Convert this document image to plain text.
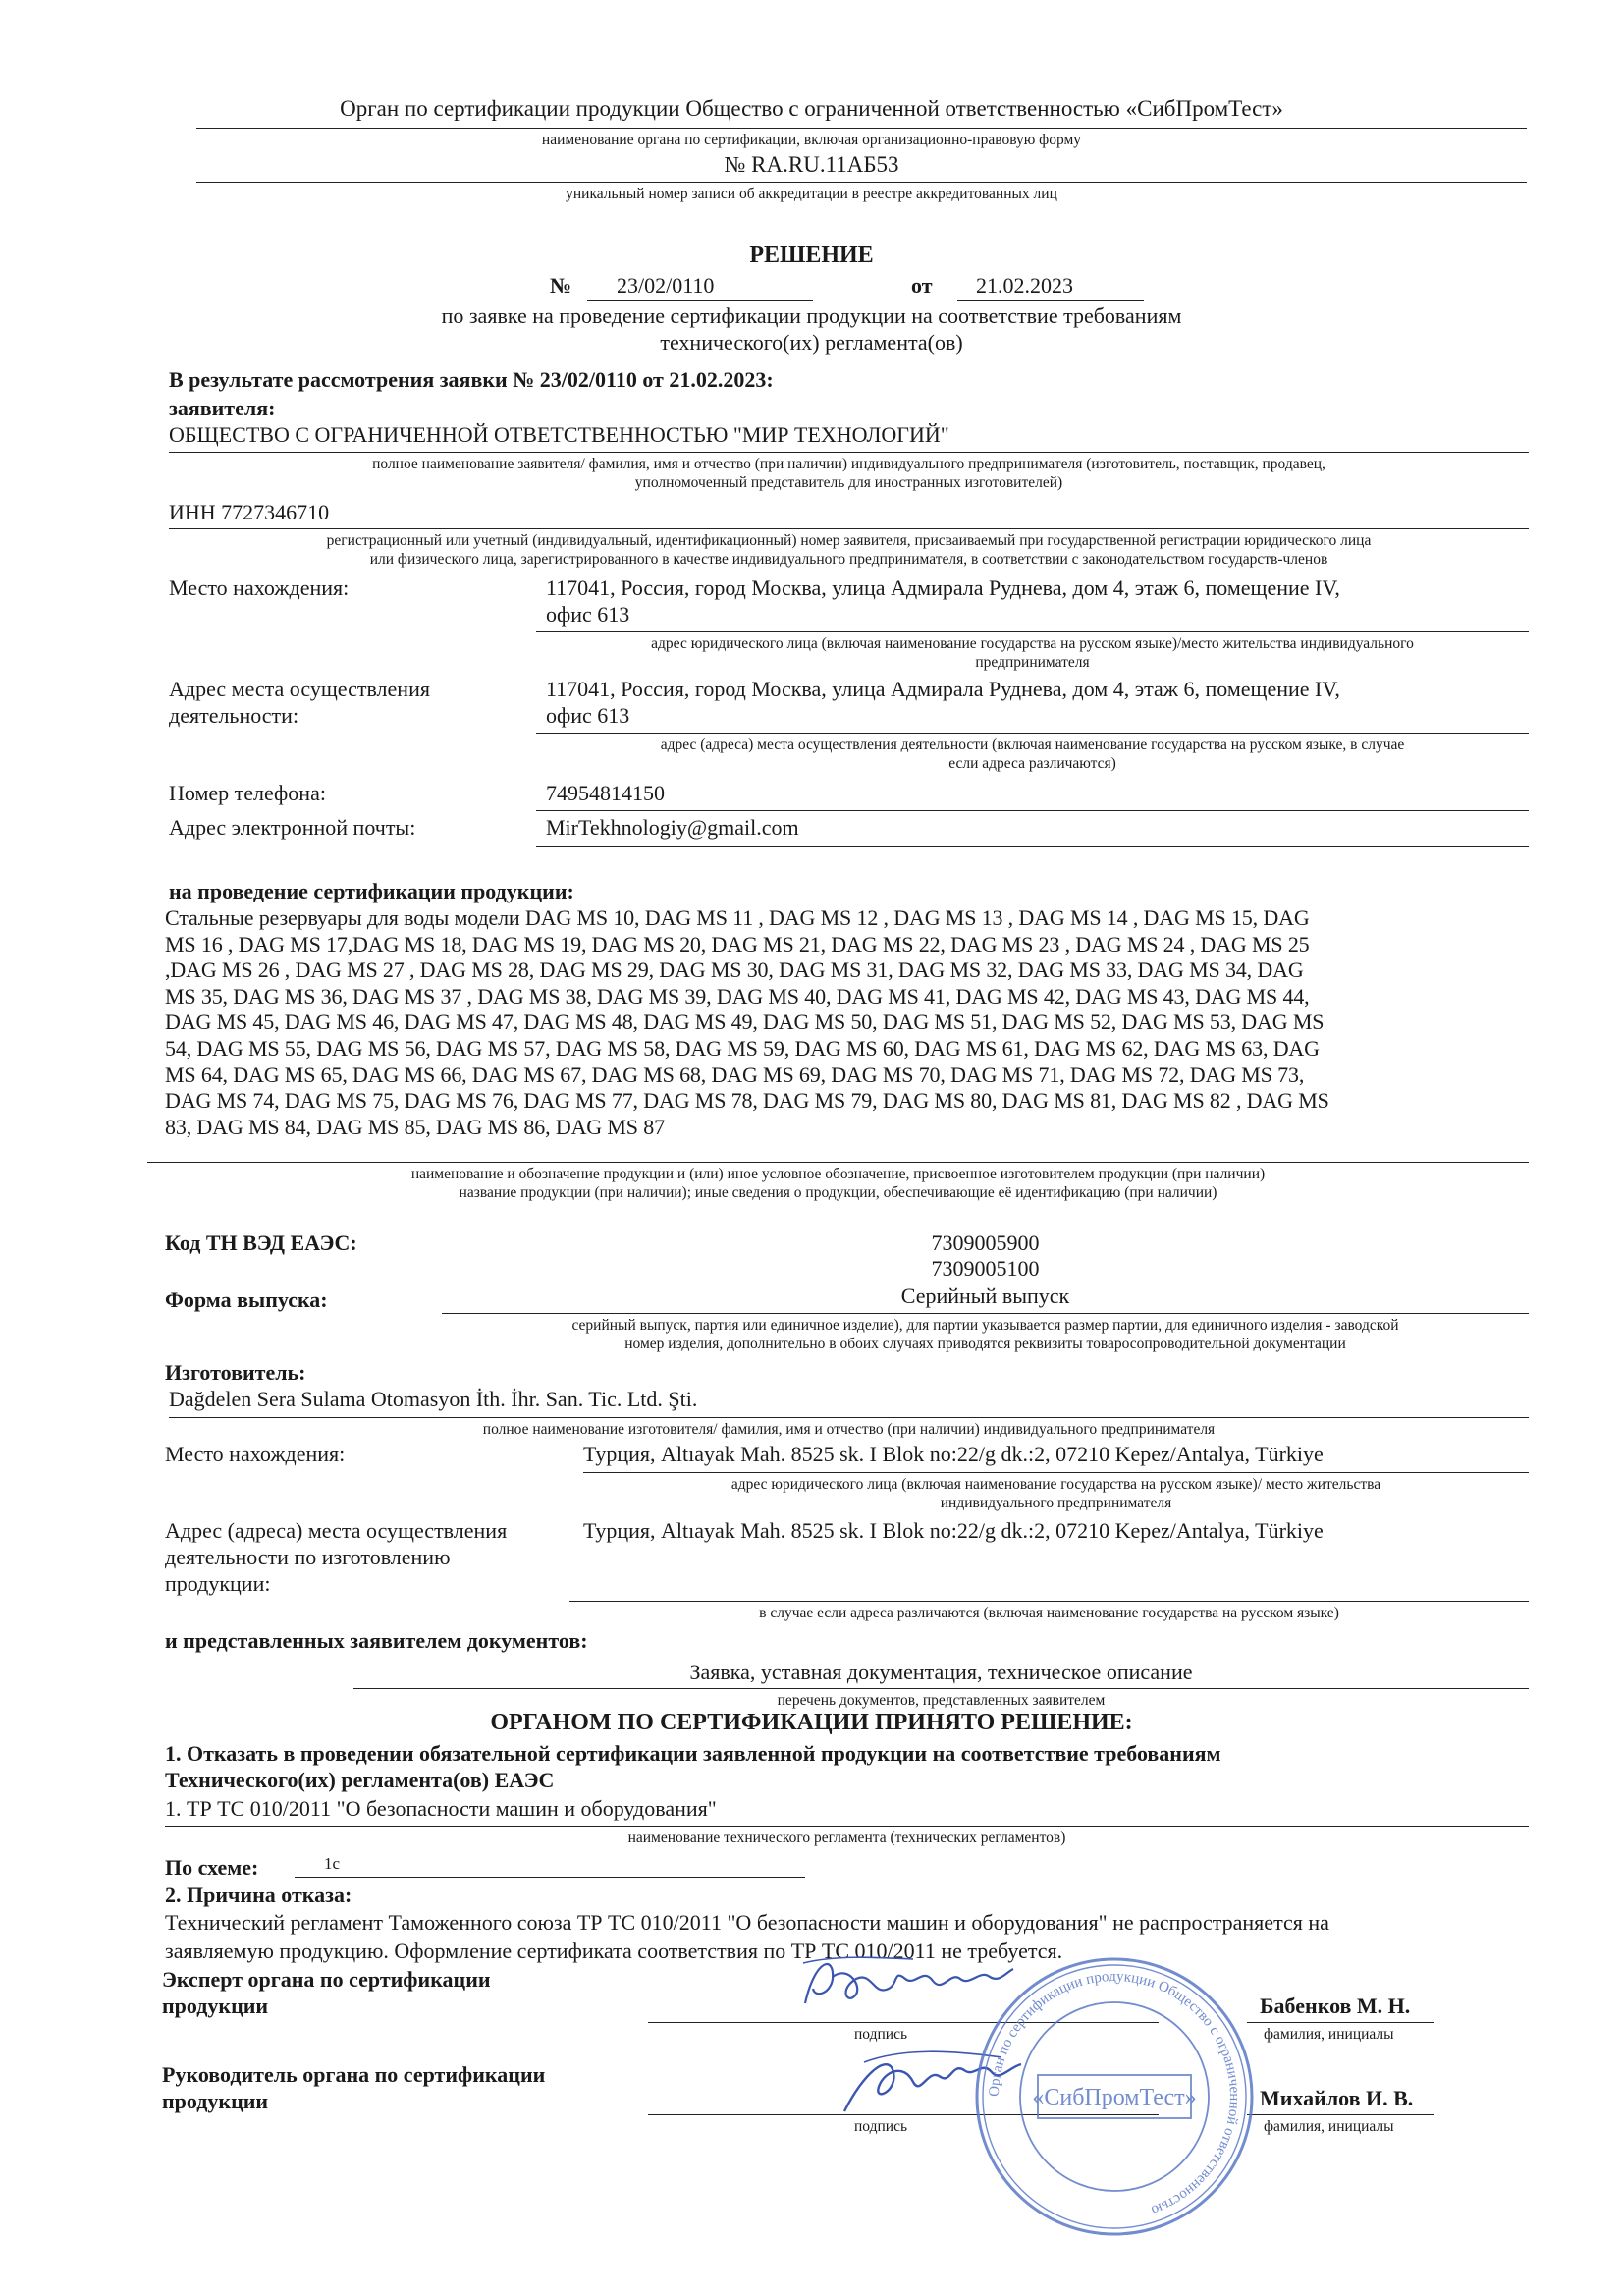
Орган по сертификации продукции Общество с ограниченной ответственностью «СибПромТест»
наименование органа по сертификации, включая организационно-правовую форму
№ RA.RU.11АБ53
уникальный номер записи об аккредитации в реестре аккредитованных лиц
РЕШЕНИЕ
№ 23/02/0110	от 21.02.2023
по заявке на проведение сертификации продукции на соответствие требованиям
технического(их) регламента(ов)
В результате рассмотрения заявки № 23/02/0110 от 21.02.2023:
заявителя:
ОБЩЕСТВО С ОГРАНИЧЕННОЙ ОТВЕТСТВЕННОСТЬЮ "МИР ТЕХНОЛОГИЙ"
полное наименование заявителя/ фамилия, имя и отчество (при наличии) индивидуального предпринимателя (изготовитель, поставщик, продавец,
уполномоченный представитель для иностранных изготовителей)
ИНН 7727346710
регистрационный или учетный (индивидуальный, идентификационный) номер заявителя, присваиваемый при государственной регистрации юридического лица
или физического лица, зарегистрированного в качестве индивидуального предпринимателя, в соответствии с законодательством государств-членов
Место нахождения:	117041, Россия, город Москва, улица Адмирала Руднева, дом 4, этаж 6, помещение IV,
офис 613
адрес юридического лица (включая наименование государства на русском языке)/место жительства индивидуального
предпринимателя
Адрес места осуществления
деятельности:
117041, Россия, город Москва, улица Адмирала Руднева, дом 4, этаж 6, помещение IV,
офис 613
адрес (адреса) места осуществления деятельности (включая наименование государства на русском языке, в случае
если адреса различаются)
Номер телефона:	74954814150
Адрес электронной почты:	MirTekhnologiy@gmail.com
на проведение сертификации продукции:
Стальные резервуары для воды модели DAG MS 10, DAG MS 11 , DAG MS 12 , DAG MS 13 , DAG MS 14 , DAG MS 15, DAG
MS 16 , DAG MS 17,DAG MS 18, DAG MS 19, DAG MS 20, DAG MS 21, DAG MS 22, DAG MS 23 , DAG MS 24 , DAG MS 25
,DAG MS 26 , DAG MS 27 , DAG MS 28, DAG MS 29, DAG MS 30, DAG MS 31, DAG MS 32, DAG MS 33, DAG MS 34, DAG
MS 35, DAG MS 36, DAG MS 37 , DAG MS 38, DAG MS 39, DAG MS 40, DAG MS 41, DAG MS 42, DAG MS 43, DAG MS 44,
DAG MS 45, DAG MS 46, DAG MS 47, DAG MS 48, DAG MS 49, DAG MS 50, DAG MS 51, DAG MS 52, DAG MS 53, DAG MS
54, DAG MS 55, DAG MS 56, DAG MS 57, DAG MS 58, DAG MS 59, DAG MS 60, DAG MS 61, DAG MS 62, DAG MS 63, DAG
MS 64, DAG MS 65, DAG MS 66, DAG MS 67, DAG MS 68, DAG MS 69, DAG MS 70, DAG MS 71, DAG MS 72, DAG MS 73,
DAG MS 74, DAG MS 75, DAG MS 76, DAG MS 77, DAG MS 78, DAG MS 79, DAG MS 80, DAG MS 81, DAG MS 82 , DAG MS
83, DAG MS 84, DAG MS 85, DAG MS 86, DAG MS 87
наименование и обозначение продукции и (или) иное условное обозначение, присвоенное изготовителем продукции (при наличии)
название продукции (при наличии); иные сведения о продукции, обеспечивающие её идентификацию (при наличии)
Код ТН ВЭД ЕАЭС:	7309005900
7309005100
Форма выпуска:	Серийный выпуск
серийный выпуск, партия или единичное изделие), для партии указывается размер партии, для единичного изделия - заводской
номер изделия, дополнительно в обоих случаях приводятся реквизиты товаросопроводительной документации
Изготовитель:
Dağdelen Sera Sulama Otomasyon İth. İhr. San. Tic. Ltd. Şti.
полное наименование изготовителя/ фамилия, имя и отчество (при наличии) индивидуального предпринимателя
Место нахождения:	Турция, Altıayak Mah. 8525 sk. I Blok no:22/g dk.:2, 07210 Kepez/Antalya, Türkiye
адрес юридического лица (включая наименование государства на русском языке)/ место жительства
индивидуального предпринимателя
Адрес (адреса) места осуществления
деятельности по изготовлению
продукции:
Турция, Altıayak Mah. 8525 sk. I Blok no:22/g dk.:2, 07210 Kepez/Antalya, Türkiye
в случае если адреса различаются (включая наименование государства на русском языке)
и представленных заявителем документов:
Заявка, уставная документация, техническое описание
перечень документов, представленных заявителем
ОРГАНОМ ПО СЕРТИФИКАЦИИ ПРИНЯТО РЕШЕНИЕ:
1. Отказать в проведении обязательной сертификации заявленной продукции на соответствие требованиям
Технического(их) регламента(ов) ЕАЭС
1. ТР ТС 010/2011 "О безопасности машин и оборудования"
наименование технического регламента (технических регламентов)
По схеме:	1с
2. Причина отказа:
Технический регламент Таможенного союза ТР ТС 010/2011 "О безопасности машин и оборудования" не распространяется на
заявляемую продукцию. Оформление сертификата соответствия по ТР ТС 010/2011 не требуется.
Эксперт органа по сертификации
продукции
подпись
Бабенков М. Н.
фамилия, инициалы
Руководитель органа по сертификации
продукции
подпись
Михайлов И. В.
фамилия, инициалы
Орган по сертификации продукции Общество с ограниченной ответственностью
«СибПромТест»
